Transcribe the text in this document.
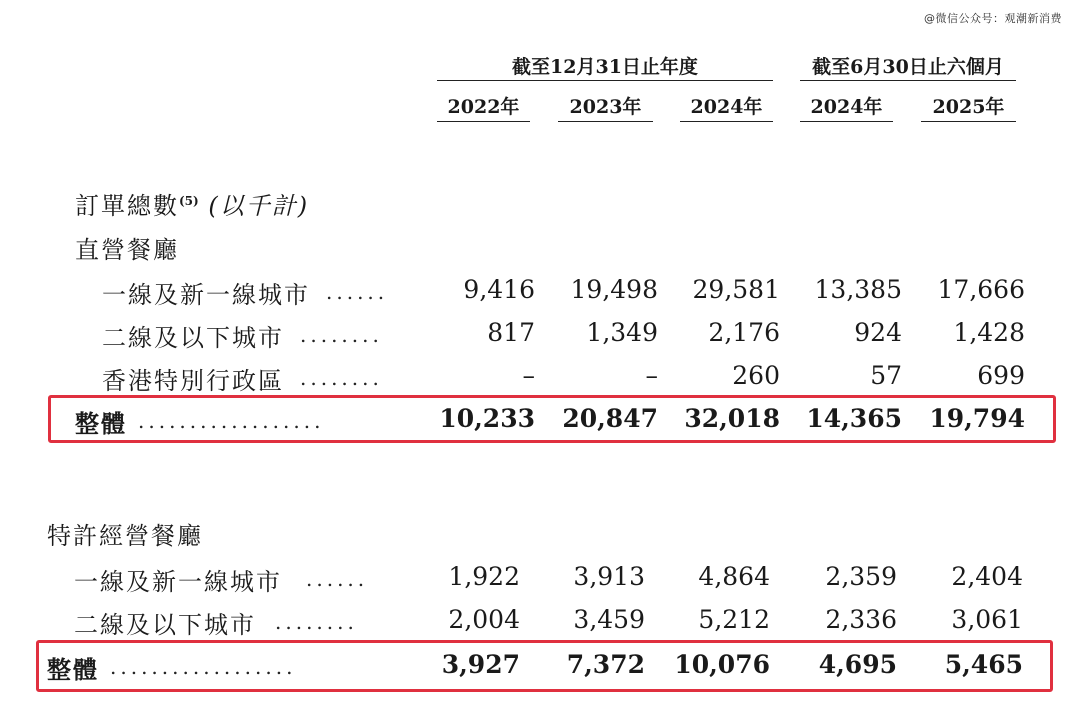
@微信公众号：观潮新消费
截至12月31日止年度	截至6月30日止六個月
2022年	2023年	2024年	2024年	2025年
訂單總數$^{(5)}$ (以千計)
直營餐廳
一線及新一線城市 ......	9,416	19,498	29,581	13,385	17,666
二線及以下城市 ........	817	1,349	2,176	924	1,428
香港特別行政區 ........	–	–	260	57	699
整體 ..................	10,233 20,847 32,018 14,365	19,794
特許經營餐廳
一線及新一線城市 ......	1,922	3,913	4,864	2,359	2,404
二線及以下城市 ........	2,004	3,459	5,212	2,336	3,061
整體 ..................	3,927	7,372 10,076	4,695	5,465
